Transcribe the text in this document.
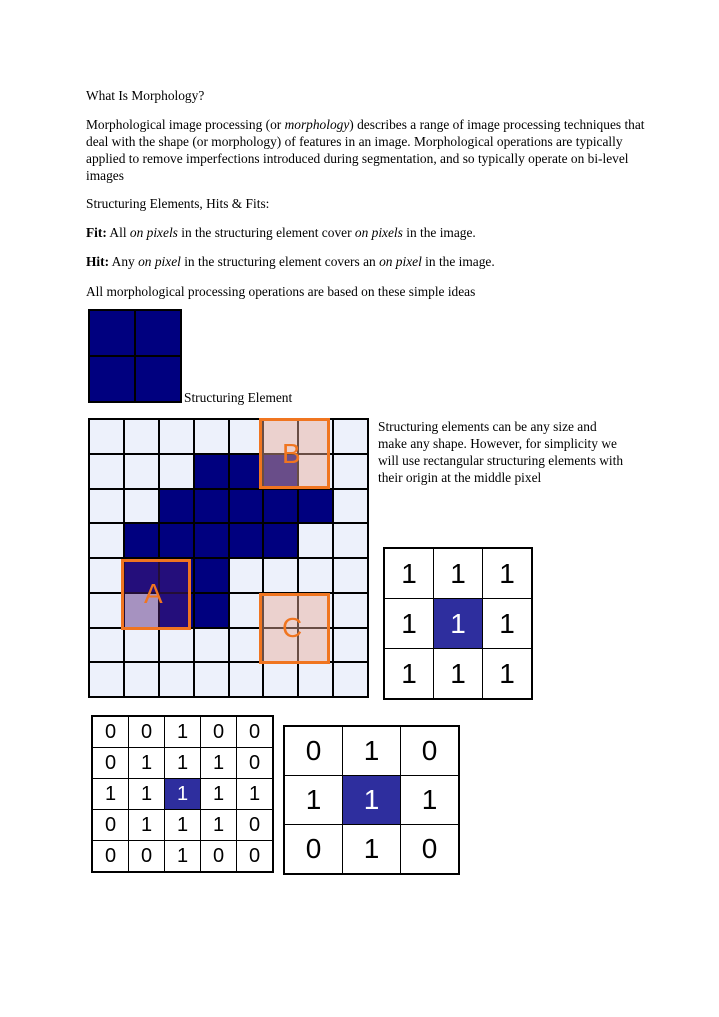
What Is Morphology?
Morphological image processing (or morphology) describes a range of image processing techniques that deal with the shape (or morphology) of features in an image. Morphological operations are typically applied to remove imperfections introduced during segmentation, and so typically operate on bi-level images
Structuring Elements, Hits & Fits:
Fit: All on pixels in the structuring element cover on pixels in the image.
Hit: Any on pixel in the structuring element covers an on pixel in the image.
All morphological processing operations are based on these simple ideas
Structuring Element
A
B
C
Structuring elements can be any size and make any shape. However, for simplicity we will use rectangular structuring elements with their origin at the middle pixel
1	1	1
1	1	1
1	1	1
0	0	1	0	0
0	1	1	1	0
1	1	1	1	1
0	1	1	1	0
0	0	1	0	0
0	1	0
1	1	1
0	1	0
